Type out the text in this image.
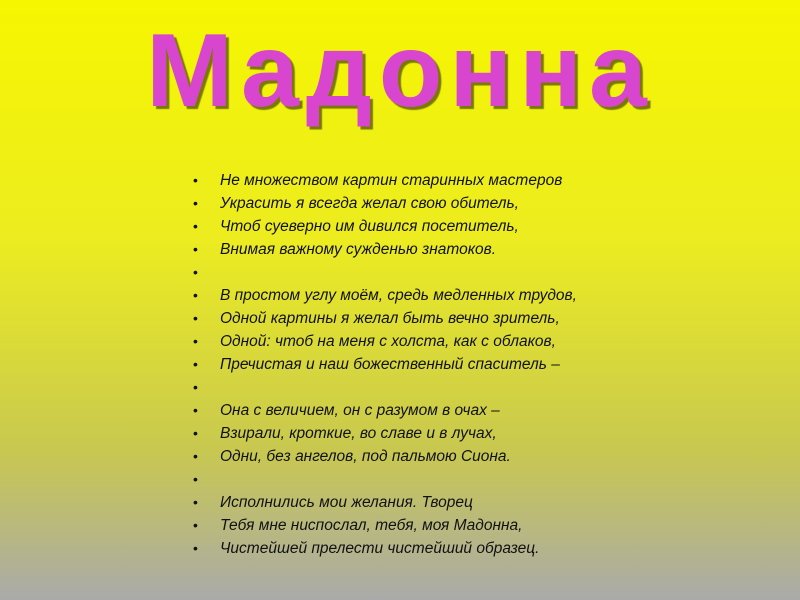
Мадонна
• Не множеством картин старинных мастеров
• Украсить я всегда желал свою обитель,
• Чтоб суеверно им дивился посетитель,
• Внимая важному сужденью знатоков.
•
• В простом углу моём, средь медленных трудов,
• Одной картины я желал быть вечно зритель,
• Одной: чтоб на меня с холста, как с облаков,
• Пречистая и наш божественный спаситель –
•
• Она с величием, он с разумом в очах –
• Взирали, кроткие, во славе и в лучах,
• Одни, без ангелов, под пальмою Сиона.
•
• Исполнились мои желания. Творец
• Тебя мне ниспослал, тебя, моя Мадонна,
• Чистейшей прелести чистейший образец.
